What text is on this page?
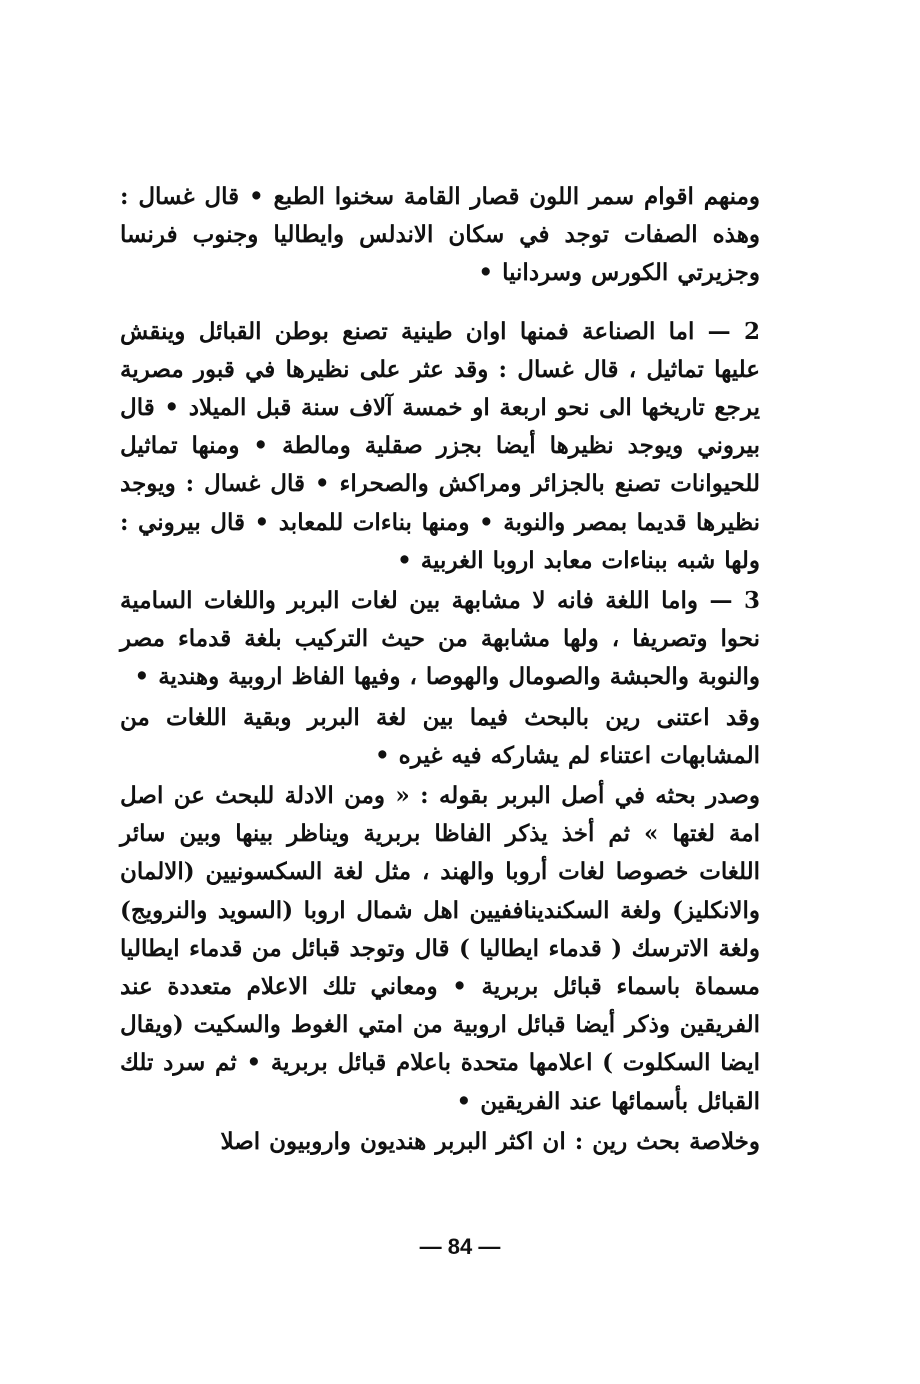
ومنهم اقوام سمر اللون قصار القامة سخنوا الطبع • قال غسال : وهذه الصفات توجد في سكان الاندلس وايطاليا وجنوب فرنسا وجزيرتي الكورس وسردانيا •

2 — اما الصناعة فمنها اوان طينية تصنع بوطن القبائل وينقش عليها تماثيل ، قال غسال : وقد عثر على نظيرها في قبور مصرية يرجع تاريخها الى نحو اربعة او خمسة آلاف سنة قبل الميلاد • قال بيروني ويوجد نظيرها أيضا بجزر صقلية ومالطة • ومنها تماثيل للحيوانات تصنع بالجزائر ومراكش والصحراء • قال غسال : ويوجد نظيرها قديما بمصر والنوبة • ومنها بناءات للمعابد • قال بيروني : ولها شبه ببناءات معابد اروبا الغربية •

3 — واما اللغة فانه لا مشابهة بين لغات البربر واللغات السامية نحوا وتصريفا ، ولها مشابهة من حيث التركيب بلغة قدماء مصر والنوبة والحبشة والصومال والهوصا ، وفيها الفاظ اروبية وهندية •

وقد اعتنى رين بالبحث فيما بين لغة البربر وبقية اللغات من المشابهات اعتناء لم يشاركه فيه غيره •

وصدر بحثه في أصل البربر بقوله : « ومن الادلة للبحث عن اصل امة لغتها » ثم أخذ يذكر الفاظا بربرية ويناظر بينها وبين سائر اللغات خصوصا لغات أروبا والهند ، مثل لغة السكسونيين (الالمان والانكليز) ولغة السكنديناففيين اهل شمال اروبا (السويد والنرويج) ولغة الاترسك ( قدماء ايطاليا ) قال وتوجد قبائل من قدماء ايطاليا مسماة باسماء قبائل بربرية • ومعاني تلك الاعلام متعددة عند الفريقين وذكر أيضا قبائل اروبية من امتي الغوط والسكيت (ويقال ايضا السكلوت ) اعلامها متحدة باعلام قبائل بربرية • ثم سرد تلك القبائل بأسمائها عند الفريقين •

وخلاصة بحث رين : ان اكثر البربر هنديون واروبيون اصلا

— 84 —
